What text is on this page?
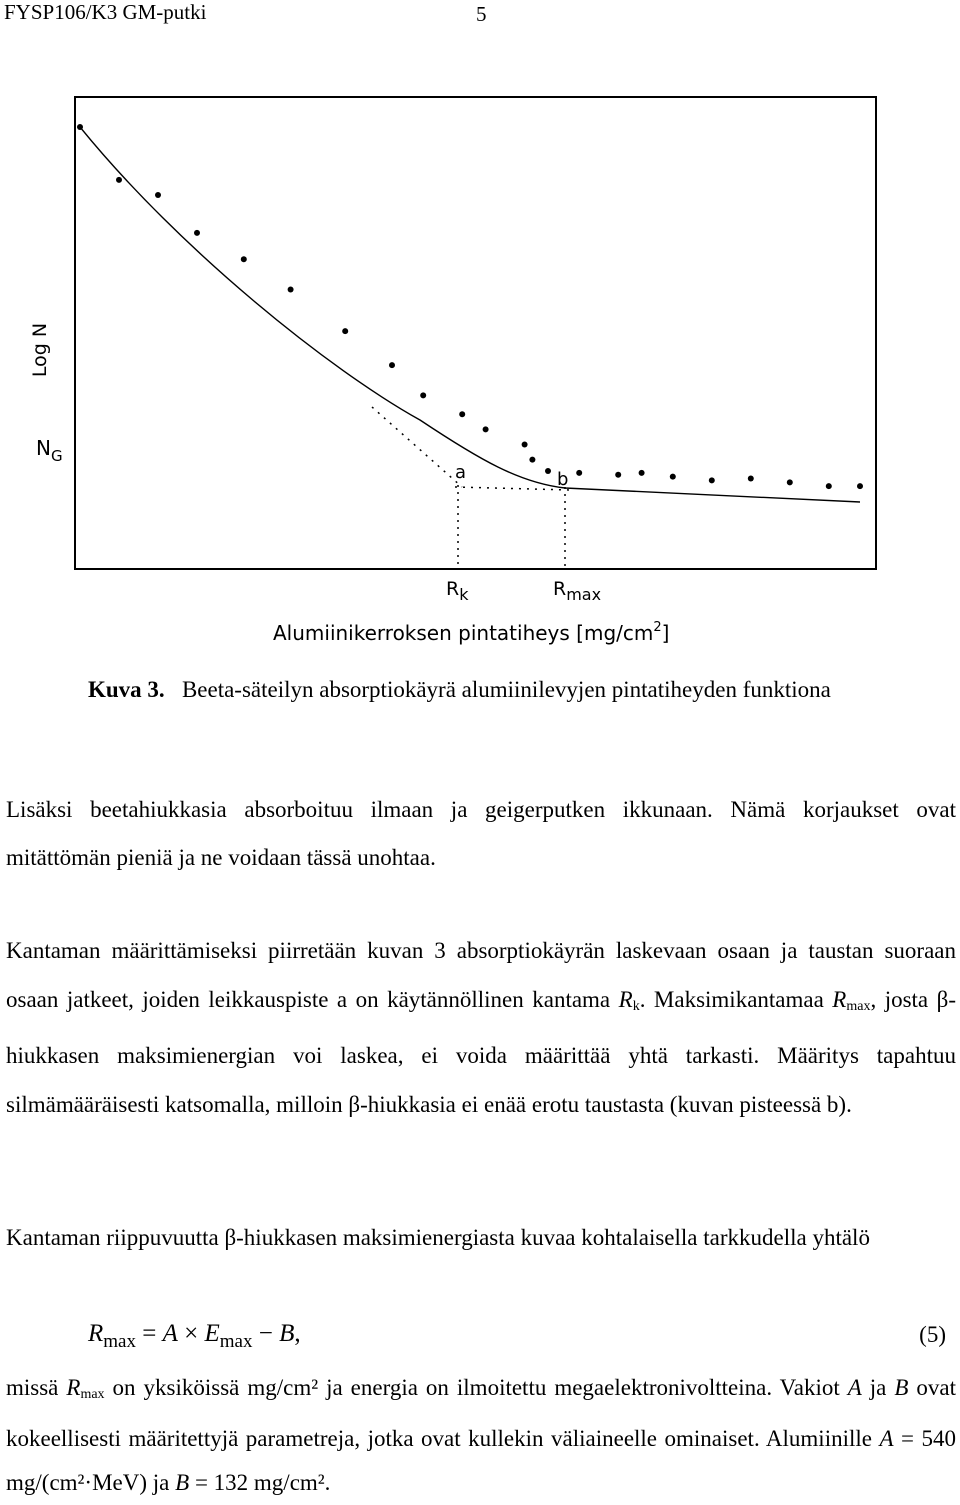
FYSP106/K3 GM-putki	5
Log N
$N_G$
a	b
$R_k$	$R_{max}$
Alumiinikerroksen pintatiheys $[mg/cm^2]$
Kuva 3. Beeta-säteilyn absorptiokäyrä alumiinilevyjen pintatiheyden funktiona
Lisäksi beetahiukkasia absorboituu ilmaan ja geigerputken ikkunaan. Nämä korjaukset ovat mitättömän pieniä ja ne voidaan tässä unohtaa.
Kantaman määrittämiseksi piirretään kuvan 3 absorptiokäyrän laskevaan osaan ja taustan suoraan osaan jatkeet, joiden leikkauspiste a on käytännöllinen kantama $R_k$. Maksimikantamaa $R_{max}$, josta β-hiukkasen maksimienergian voi laskea, ei voida määrittää yhtä tarkasti. Määritys tapahtuu silmämääräisesti katsomalla, milloin β-hiukkasia ei enää erotu taustasta (kuvan pisteessä b).
Kantaman riippuvuutta β-hiukkasen maksimienergiasta kuvaa kohtalaisella tarkkudella yhtälö
$R_{max} = A \times E_{max} - B$,	(5)
missä $R_{max}$ on yksiköissä mg/cm² ja energia on ilmoitettu megaelektronivoltteina. Vakiot A ja B ovat kokeellisesti määritettyjä parametreja, jotka ovat kullekin väliaineelle ominaiset. Alumiinille A = 540 mg/(cm²·MeV) ja B = 132 mg/cm².
